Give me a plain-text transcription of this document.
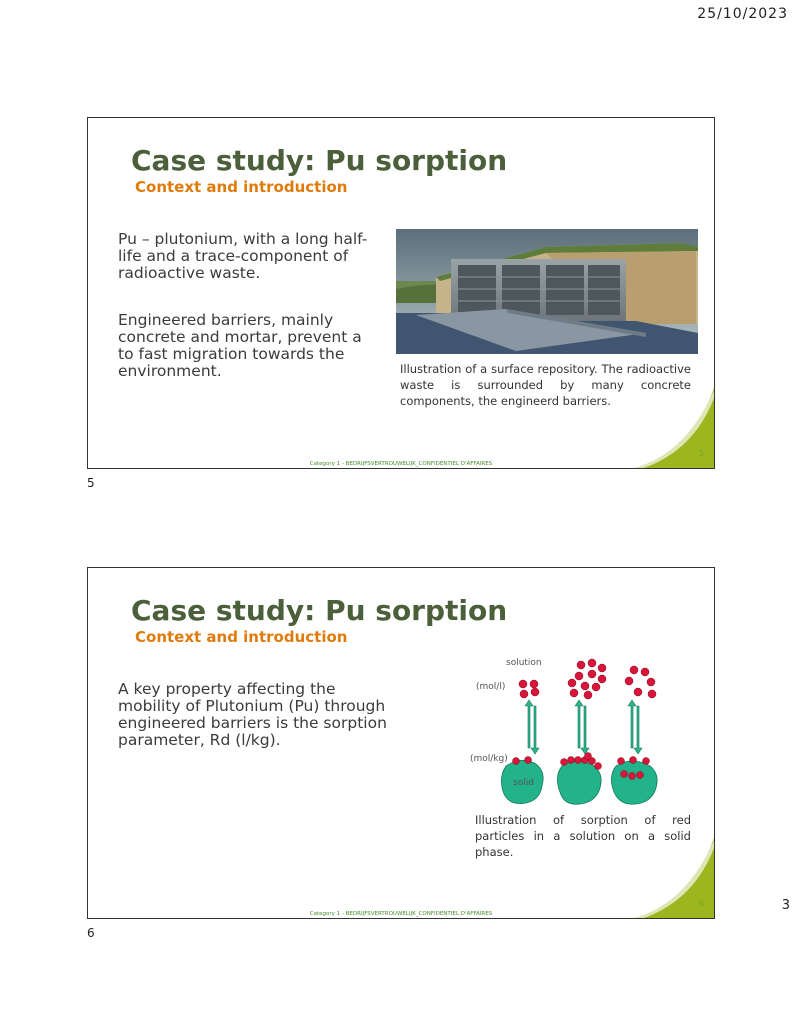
25/10/2023
3
Case study: Pu sorption
Context and introduction
Pu – plutonium, with a long half-life and a trace-component of radioactive waste.
Engineered barriers, mainly concrete and mortar, prevent a to fast migration towards the environment.	Illustration of a surface repository. The radioactive waste is surrounded by many concrete components, the engineerd barriers.
5
Category 1 - BEDRIJFSVERTROUWELIJK_CONFIDENTIEL D'AFFAIRES
5
Case study: Pu sorption
Context and introduction
A key property affecting the mobility of Plutonium (Pu) through engineered barriers is the sorption parameter, Rd (l/kg).
solution
(mol/l)
(mol/kg)
solid
Illustration of sorption of red particles in a solution on a solid phase.
6
Category 1 - BEDRIJFSVERTROUWELIJK_CONFIDENTIEL D'AFFAIRES
6
